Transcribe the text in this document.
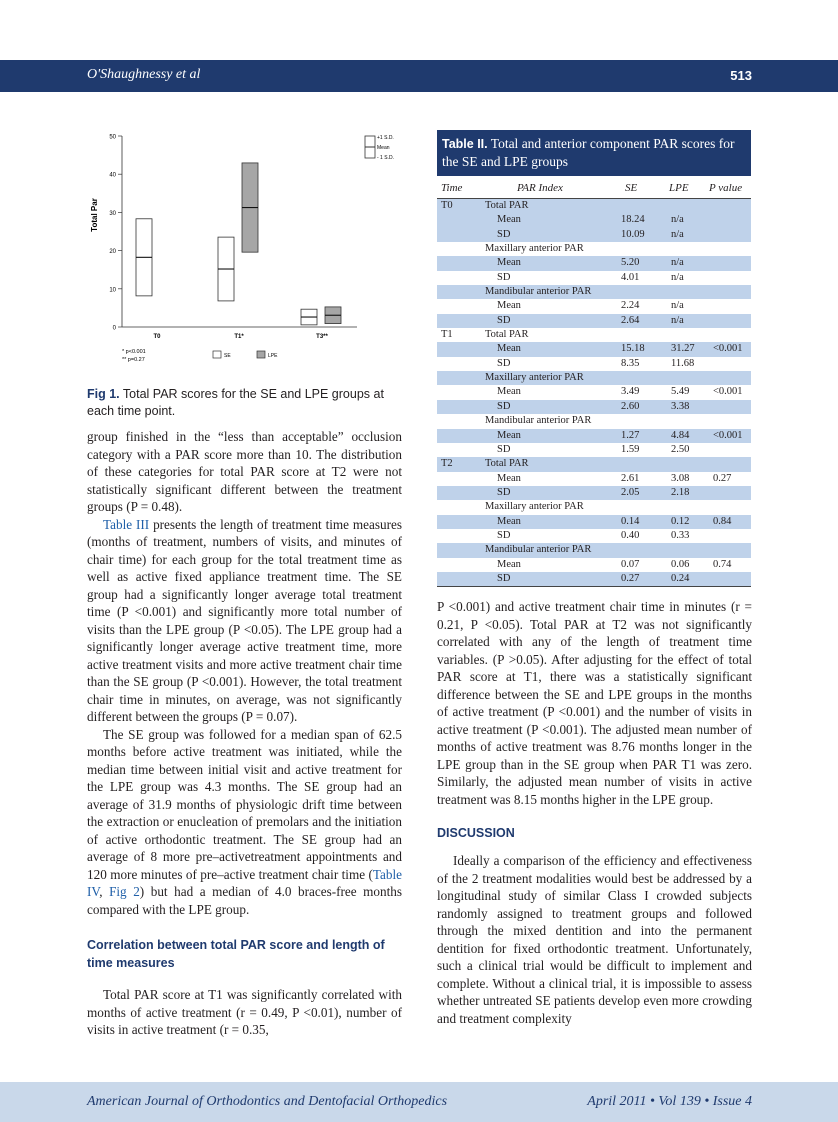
O'Shaughnessy et al	513
0
10
20
30
40
50
T0	T1*	T3**
Total Par
+1 S.D.
Mean
- 1 S.D.
* p<0.001
** p=0.27
SE	LPE
Fig 1. Total PAR scores for the SE and LPE groups at each time point.

group finished in the “less than acceptable” occlusion category with a PAR score more than 10. The distribution of these categories for total PAR score at T2 were not statistically significant different between the treatment groups (P = 0.48).

Table III presents the length of treatment time measures (months of treatment, numbers of visits, and minutes of chair time) for each group for the total treatment time as well as active fixed appliance treatment time. The SE group had a significantly longer average total treatment time (P <0.001) and significantly more total number of visits than the LPE group (P <0.05). The LPE group had a significantly longer average active treatment time, more active treatment visits and more active treatment chair time than the SE group (P <0.001). However, the total treatment chair time in minutes, on average, was not significantly different between the groups (P = 0.07).

The SE group was followed for a median span of 62.5 months before active treatment was initiated, while the median time between initial visit and active treatment for the LPE group was 4.3 months. The SE group had an average of 31.9 months of physiologic drift time between the extraction or enucleation of premolars and the initiation of active orthodontic treatment. The SE group had an average of 8 more pre–activetreatment appointments and 120 more minutes of pre–active treatment chair time (Table IV, Fig 2) but had a median of 4.0 braces-free months compared with the LPE group.

Correlation between total PAR score and length of time measures

Total PAR score at T1 was significantly correlated with months of active treatment (r = 0.49, P <0.01), number of visits in active treatment (r = 0.35,

Table II. Total and anterior component PAR scores for the SE and LPE groups
Time	PAR Index	SE	LPE P value
T0	Total PAR
Mean	18.24	n/a
SD	10.09	n/a
Maxillary anterior PAR
Mean	5.20	n/a
SD	4.01	n/a
Mandibular anterior PAR
Mean	2.24	n/a
SD	2.64	n/a
T1	Total PAR
Mean	15.18	31.27 <0.001
SD	8.35	11.68
Maxillary anterior PAR
Mean	3.49	5.49 <0.001
SD	2.60	3.38
Mandibular anterior PAR
Mean	1.27	4.84 <0.001
SD	1.59	2.50
T2	Total PAR
Mean	2.61	3.08 0.27
SD	2.05	2.18
Maxillary anterior PAR
Mean	0.14	0.12 0.84
SD	0.40	0.33
Mandibular anterior PAR
Mean	0.07	0.06 0.74
SD	0.27	0.24

P <0.001) and active treatment chair time in minutes (r = 0.21, P <0.05). Total PAR at T2 was not significantly correlated with any of the length of treatment time variables. (P >0.05). After adjusting for the effect of total PAR score at T1, there was a statistically significant difference between the SE and LPE groups in the months of active treatment (P <0.001) and the number of visits in active treatment (P <0.001). The adjusted mean number of months of active treatment was 8.76 months longer in the LPE group than in the SE group when PAR T1 was zero. Similarly, the adjusted mean number of visits in active treatment was 8.15 months higher in the LPE group.

DISCUSSION

Ideally a comparison of the efficiency and effectiveness of the 2 treatment modalities would best be addressed by a longitudinal study of similar Class I crowded subjects randomly assigned to treatment groups and followed through the mixed dentition and into the permanent dentition for fixed orthodontic treatment. Unfortunately, such a clinical trial would be difficult to implement and complete. Without a clinical trial, it is impossible to assess whether untreated SE patients develop even more crowding and treatment complexity

American Journal of Orthodontics and Dentofacial Orthopedics	April 2011 • Vol 139 • Issue 4
